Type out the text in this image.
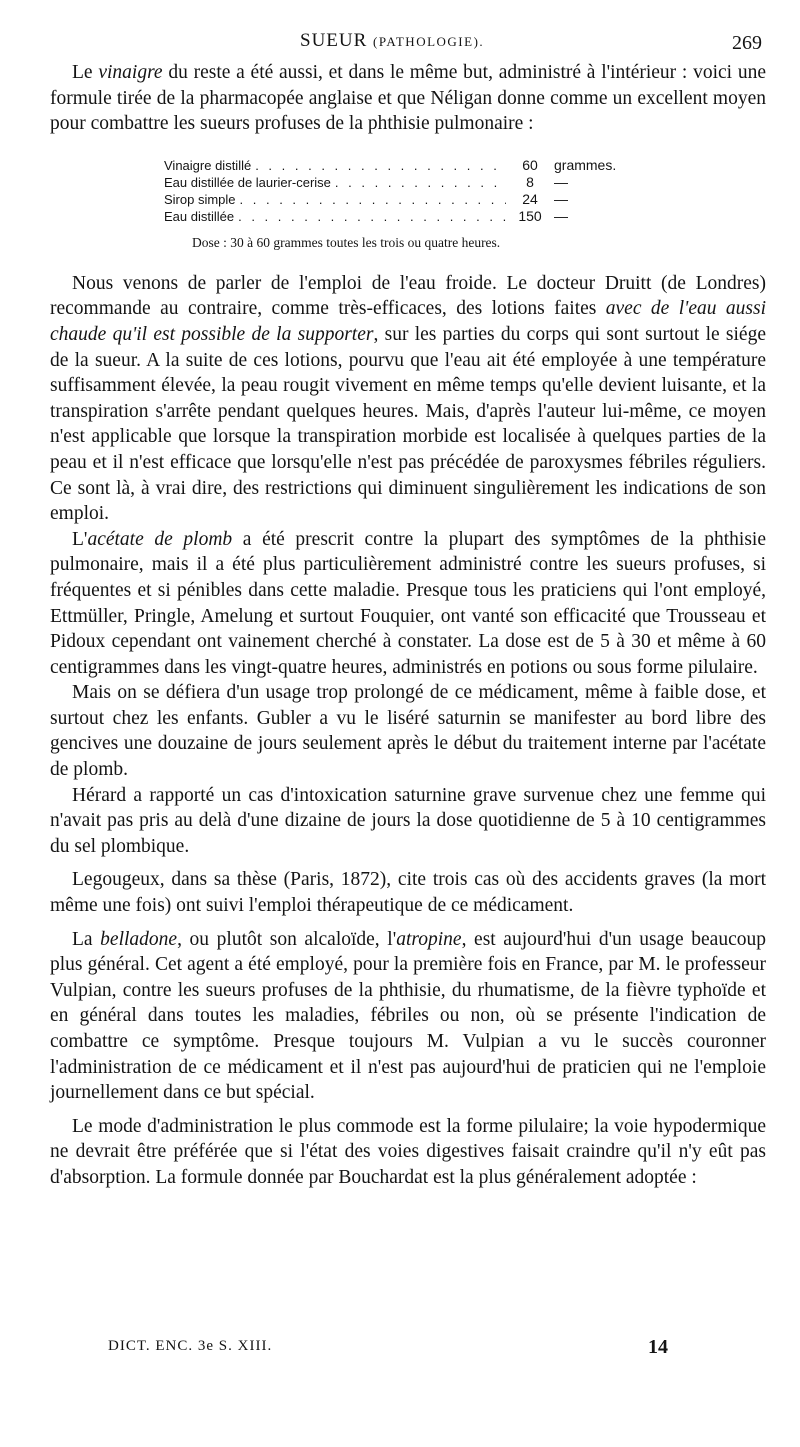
SUEUR (PATHOLOGIE).	269

Le vinaigre du reste a été aussi, et dans le même but, administré à l'intérieur : voici une formule tirée de la pharmacopée anglaise et que Néligan donne comme un excellent moyen pour combattre les sueurs profuses de la phthisie pulmonaire :

Vinaigre distillé . . .	60	grammes.
Eau distillée de laurier-cerise . . .	8	—
Sirop simple . . .	24	—
Eau distillée . . .	150 —
Dose : 30 à 60 grammes toutes les trois ou quatre heures.

Nous venons de parler de l'emploi de l'eau froide. Le docteur Druitt (de Londres) recommande au contraire, comme très-efficaces, des lotions faites avec de l'eau aussi chaude qu'il est possible de la supporter, sur les parties du corps qui sont surtout le siége de la sueur. A la suite de ces lotions, pourvu que l'eau ait été employée à une température suffisamment élevée, la peau rougit vivement en même temps qu'elle devient luisante, et la transpiration s'arrête pendant quelques heures. Mais, d'après l'auteur lui-même, ce moyen n'est applicable que lorsque la transpiration morbide est localisée à quelques parties de la peau et il n'est efficace que lorsqu'elle n'est pas précédée de paroxysmes fébriles réguliers. Ce sont là, à vrai dire, des restrictions qui diminuent singulièrement les indications de son emploi.

L'acétate de plomb a été prescrit contre la plupart des symptômes de la phthisie pulmonaire, mais il a été plus particulièrement administré contre les sueurs profuses, si fréquentes et si pénibles dans cette maladie. Presque tous les praticiens qui l'ont employé, Ettmüller, Pringle, Amelung et surtout Fouquier, ont vanté son efficacité que Trousseau et Pidoux cependant ont vainement cherché à constater. La dose est de 5 à 30 et même à 60 centigrammes dans les vingt-quatre heures, administrés en potions ou sous forme pilulaire.

Mais on se défiera d'un usage trop prolongé de ce médicament, même à faible dose, et surtout chez les enfants. Gubler a vu le liséré saturnin se manifester au bord libre des gencives une douzaine de jours seulement après le début du traitement interne par l'acétate de plomb.

Hérard a rapporté un cas d'intoxication saturnine grave survenue chez une femme qui n'avait pas pris au delà d'une dizaine de jours la dose quotidienne de 5 à 10 centigrammes du sel plombique.

Legougeux, dans sa thèse (Paris, 1872), cite trois cas où des accidents graves (la mort même une fois) ont suivi l'emploi thérapeutique de ce médicament.

La belladone, ou plutôt son alcaloïde, l'atropine, est aujourd'hui d'un usage beaucoup plus général. Cet agent a été employé, pour la première fois en France, par M. le professeur Vulpian, contre les sueurs profuses de la phthisie, du rhumatisme, de la fièvre typhoïde et en général dans toutes les maladies, fébriles ou non, où se présente l'indication de combattre ce symptôme. Presque toujours M. Vulpian a vu le succès couronner l'administration de ce médicament et il n'est pas aujourd'hui de praticien qui ne l'emploie journellement dans ce but spécial.

Le mode d'administration le plus commode est la forme pilulaire; la voie hypodermique ne devrait être préférée que si l'état des voies digestives faisait craindre qu'il n'y eût pas d'absorption. La formule donnée par Bouchardat est la plus généralement adoptée :

DICT. ENC. 3e S. XIII.	14
